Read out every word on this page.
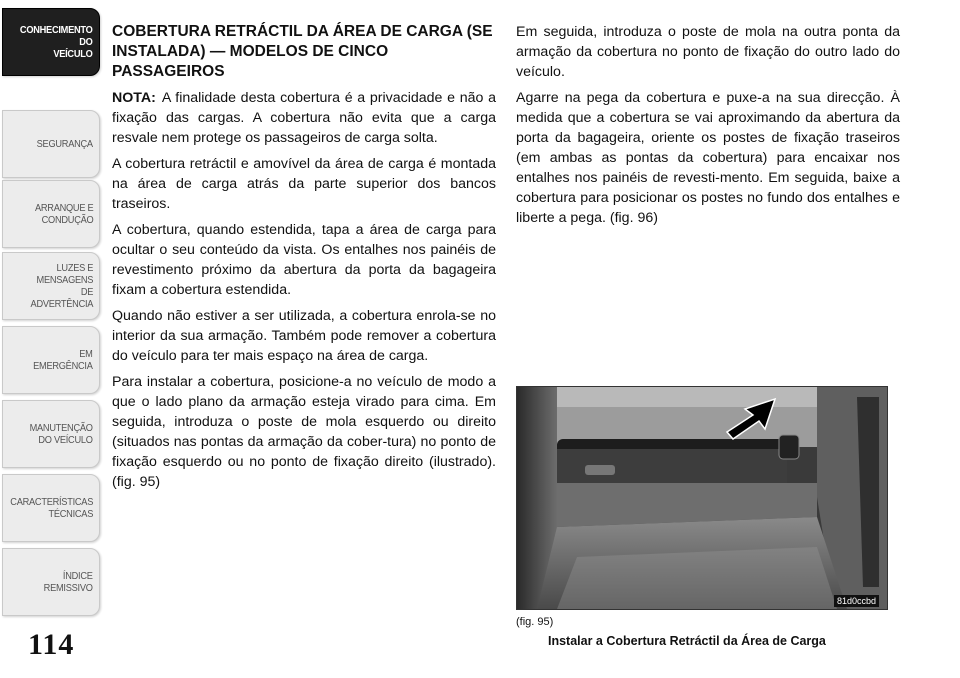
CONHECIMENTO
DO
VEÍCULO
SEGURANÇA
ARRANQUE E
CONDUÇÃO
LUZES E
MENSAGENS
DE
ADVERTÊNCIA
EM
EMERGÊNCIA
MANUTENÇÃO
DO VEÍCULO
CARACTERÍSTICAS
TÉCNICAS
ÍNDICE
REMISSIVO
114
COBERTURA RETRÁCTIL DA ÁREA DE CARGA (SE INSTALADA) — MODELOS DE CINCO PASSAGEIROS

NOTA: A finalidade desta cobertura é a privacidade e não a fixação das cargas. A cobertura não evita que a carga resvale nem protege os passageiros de carga solta.

A cobertura retráctil e amovível da área de carga é montada na área de carga atrás da parte superior dos bancos traseiros.

A cobertura, quando estendida, tapa a área de carga para ocultar o seu conteúdo da vista. Os entalhes nos painéis de revestimento próximo da abertura da porta da bagageira fixam a cobertura estendida.

Quando não estiver a ser utilizada, a cobertura enrola-se no interior da sua armação. Também pode remover a cobertura do veículo para ter mais espaço na área de carga.

Para instalar a cobertura, posicione-a no veículo de modo a que o lado plano da armação esteja virado para cima. Em seguida, introduza o poste de mola esquerdo ou direito (situados nas pontas da armação da cober-tura) no ponto de fixação esquerdo ou no ponto de fixação direito (ilustrado). (fig. 95)

Em seguida, introduza o poste de mola na outra ponta da armação da cobertura no ponto de fixação do outro lado do veículo.

Agarre na pega da cobertura e puxe-a na sua direcção. À medida que a cobertura se vai aproximando da abertura da porta da bagageira, oriente os postes de fixação traseiros (em ambas as pontas da cobertura) para encaixar nos entalhes nos painéis de revesti-mento. Em seguida, baixe a cobertura para posicionar os postes no fundo dos entalhes e liberte a pega. (fig. 96)

81d0ccbd
(fig. 95)
Instalar a Cobertura Retráctil da Área de Carga
